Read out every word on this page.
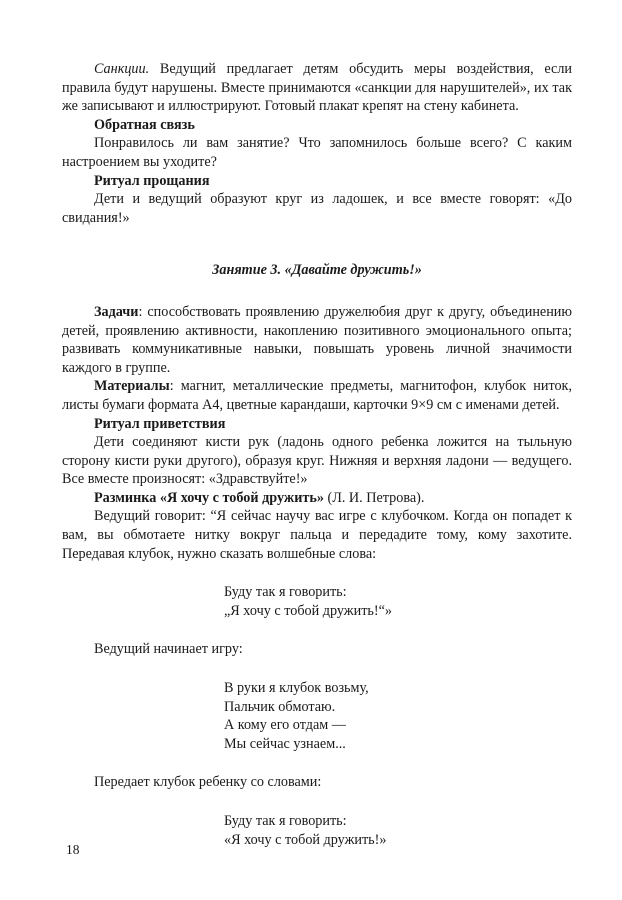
Санкции. Ведущий предлагает детям обсудить меры воздействия, если правила будут нарушены. Вместе принимаются «санкции для нарушителей», их так же записывают и иллюстрируют. Готовый плакат крепят на стену кабинета.

Обратная связь

Понравилось ли вам занятие? Что запомнилось больше всего? С каким настроением вы уходите?

Ритуал прощания

Дети и ведущий образуют круг из ладошек, и все вместе говорят: «До свидания!»

Занятие 3. «Давайте дружить!»

Задачи: способствовать проявлению дружелюбия друг к другу, объединению детей, проявлению активности, накоплению позитивного эмоционального опыта; развивать коммуникативные навыки, повышать уровень личной значимости каждого в группе.

Материалы: магнит, металлические предметы, магнитофон, клубок ниток, листы бумаги формата А4, цветные карандаши, карточки 9×9 см с именами детей.

Ритуал приветствия

Дети соединяют кисти рук (ладонь одного ребенка ложится на тыльную сторону кисти руки другого), образуя круг. Нижняя и верхняя ладони — ведущего. Все вместе произносят: «Здравствуйте!»

Разминка «Я хочу с тобой дружить» (Л. И. Петрова).

Ведущий говорит: “Я сейчас научу вас игре с клубочком. Когда он попадет к вам, вы обмотаете нитку вокруг пальца и передадите тому, кому захотите. Передавая клубок, нужно сказать волшебные слова:

Буду так я говорить:
„Я хочу с тобой дружить!“»

Ведущий начинает игру:

В руки я клубок возьму,
Пальчик обмотаю.
А кому его отдам —
Мы сейчас узнаем...

Передает клубок ребенку со словами:

Буду так я говорить:
«Я хочу с тобой дружить!»
18
